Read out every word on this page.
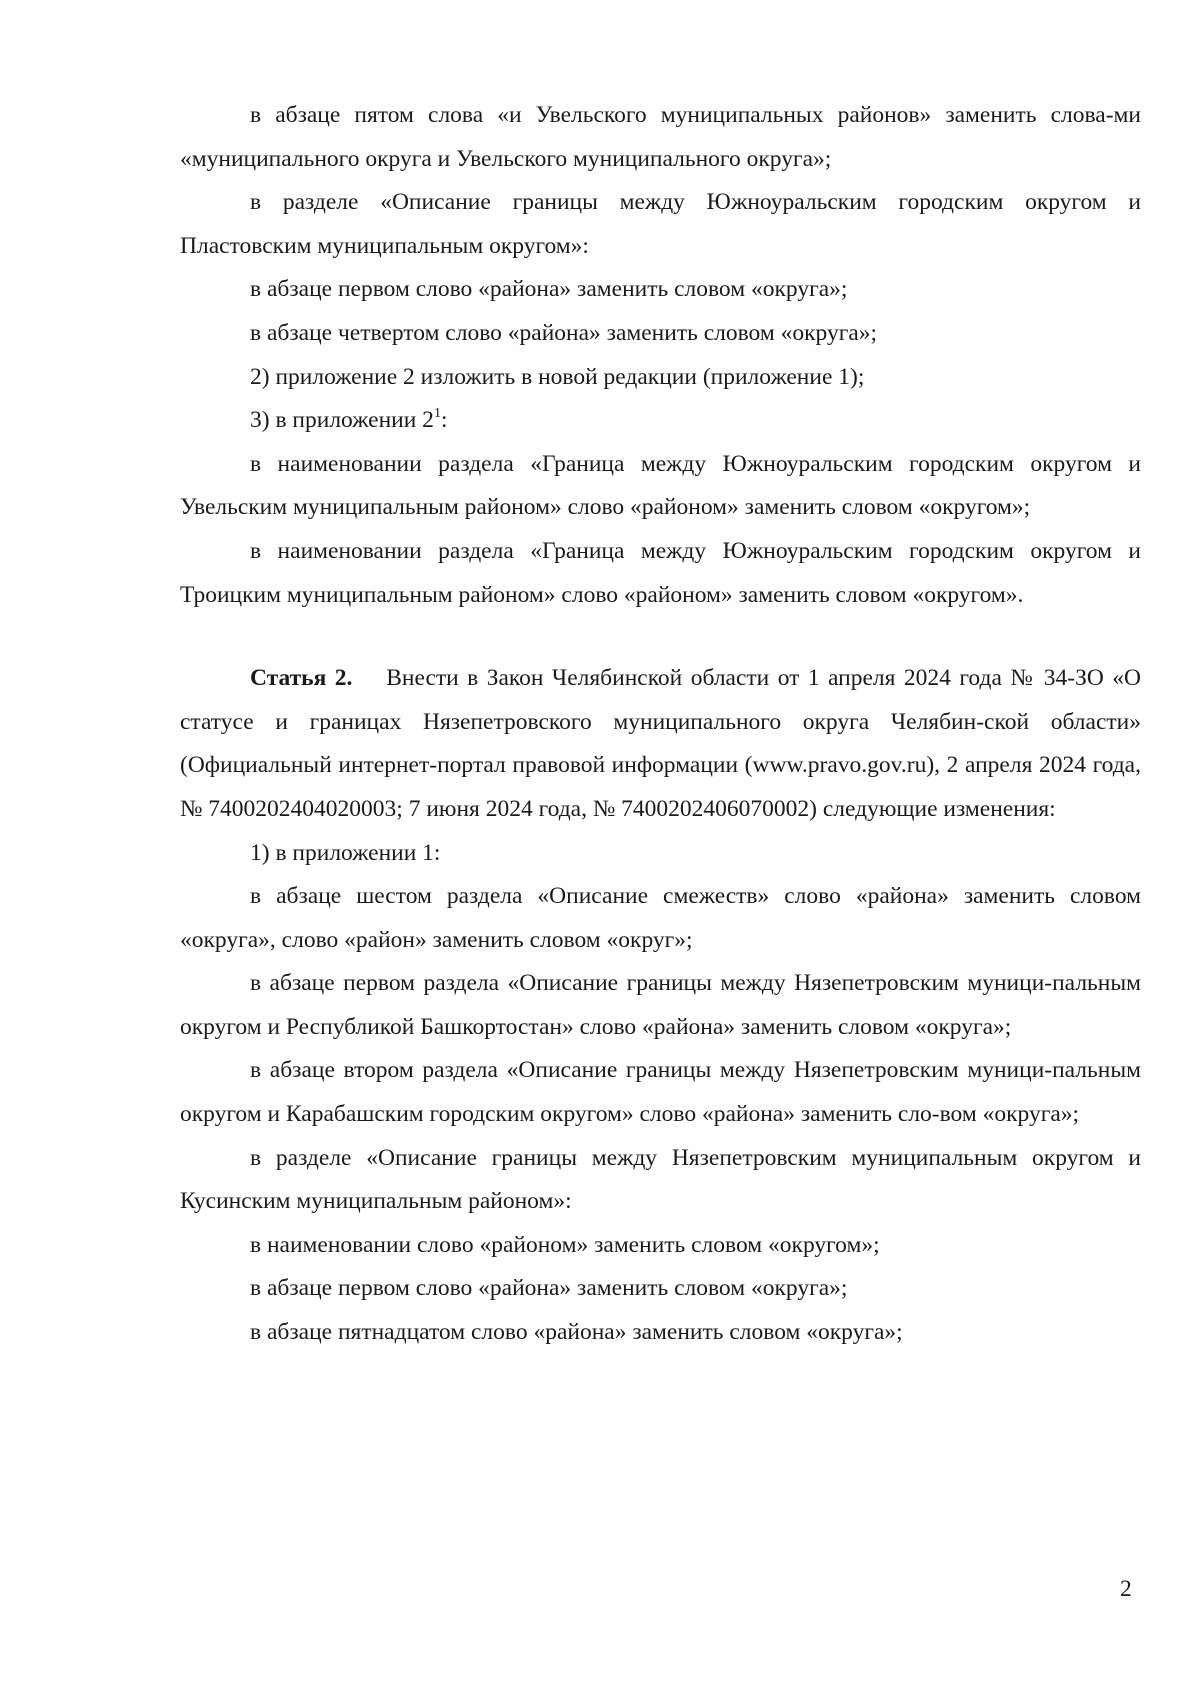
в абзаце пятом слова «и Увельского муниципальных районов» заменить слова-ми «муниципального округа и Увельского муниципального округа»;

в разделе «Описание границы между Южноуральским городским округом и Пластовским муниципальным округом»:

в абзаце первом слово «района» заменить словом «округа»;

в абзаце четвертом слово «района» заменить словом «округа»;

2) приложение 2 изложить в новой редакции (приложение 1);

3) в приложении $2^1$:

в наименовании раздела «Граница между Южноуральским городским округом и Увельским муниципальным районом» слово «районом» заменить словом «округом»;

в наименовании раздела «Граница между Южноуральским городским округом и Троицким муниципальным районом» слово «районом» заменить словом «округом».

Статья 2. Внести в Закон Челябинской области от 1 апреля 2024 года № 34-ЗО «О статусе и границах Нязепетровского муниципального округа Челябин-ской области» (Официальный интернет-портал правовой информации (www.pravo.gov.ru), 2 апреля 2024 года, № 7400202404020003; 7 июня 2024 года, № 7400202406070002) следующие изменения:

1) в приложении 1:

в абзаце шестом раздела «Описание смежеств» слово «района» заменить словом «округа», слово «район» заменить словом «округ»;

в абзаце первом раздела «Описание границы между Нязепетровским муници-пальным округом и Республикой Башкортостан» слово «района» заменить словом «округа»;

в абзаце втором раздела «Описание границы между Нязепетровским муници-пальным округом и Карабашским городским округом» слово «района» заменить сло-вом «округа»;

в разделе «Описание границы между Нязепетровским муниципальным округом и Кусинским муниципальным районом»:

в наименовании слово «районом» заменить словом «округом»;

в абзаце первом слово «района» заменить словом «округа»;

в абзаце пятнадцатом слово «района» заменить словом «округа»;

2
